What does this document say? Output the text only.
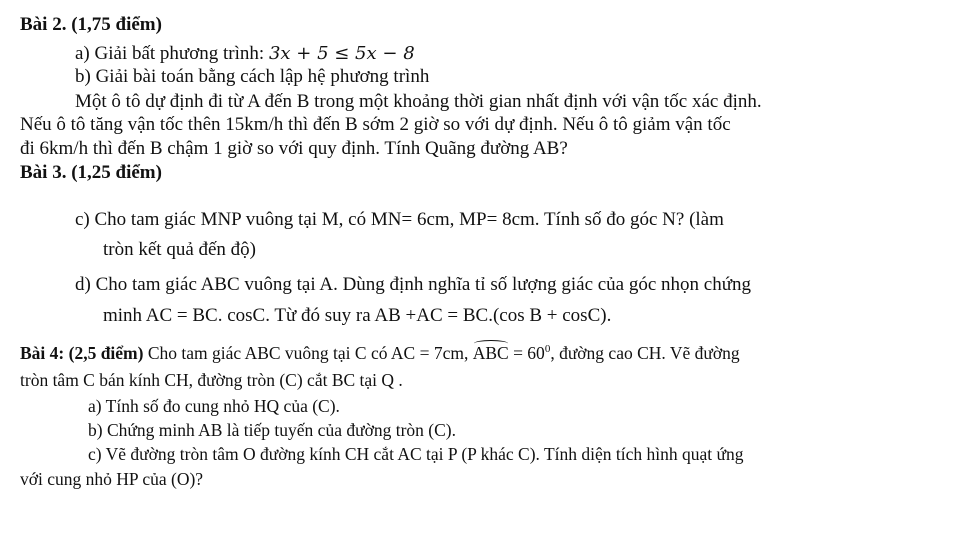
Bài 2. (1,75 điểm)
a) Giải bất phương trình: 3x + 5 ≤ 5x − 8
b) Giải bài toán bằng cách lập hệ phương trình
Một ô tô dự định đi từ A đến B trong một khoảng thời gian nhất định với vận tốc xác định.
Nếu ô tô tăng vận tốc thên 15km/h thì đến B sớm 2 giờ so với dự định. Nếu ô tô giảm vận tốc
đi 6km/h thì đến B chậm 1 giờ so với quy định. Tính Quãng đường AB?
Bài 3. (1,25 điểm)
c) Cho tam giác MNP vuông tại M, có MN= 6cm, MP= 8cm. Tính số đo góc N? (làm
tròn kết quả đến độ)
d) Cho tam giác ABC vuông tại A. Dùng định nghĩa tỉ số lượng giác của góc nhọn chứng
minh AC = BC. cosC. Từ đó suy ra AB +AC = BC.(cos B + cosC).
Bài 4: (2,5 điểm) Cho tam giác ABC vuông tại C có AC = 7cm, ABC = $60^0$, đường cao CH. Vẽ đường
tròn tâm C bán kính CH, đường tròn (C) cắt BC tại Q .
a) Tính số đo cung nhỏ HQ của (C).
b) Chứng minh AB là tiếp tuyến của đường tròn (C).
c) Vẽ đường tròn tâm O đường kính CH cắt AC tại P (P khác C). Tính diện tích hình quạt ứng
với cung nhỏ HP của (O)?
